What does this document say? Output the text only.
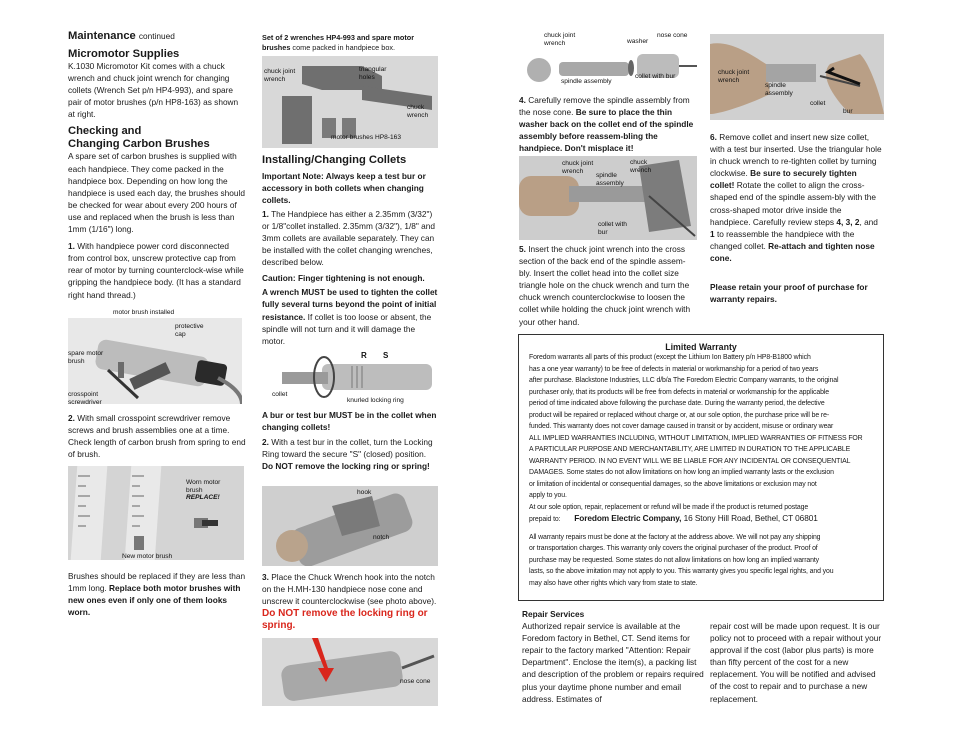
Maintenance continued

Micromotor Supplies

K.1030 Micromotor Kit comes with a chuck wrench and chuck joint wrench for changing collets (Wrench Set p/n HP4-993), and spare pair of motor brushes (p/n HP8-163) as shown at right.

Checking and
Changing Carbon Brushes

A spare set of carbon brushes is supplied with each handpiece. They come packed in the handpiece box. Depending on how long the handpiece is used each day, the brushes should be checked for wear about every 200 hours of use and replaced when the brush is less than 1mm (1/16") long.

1. With handpiece power cord disconnected from control box, unscrew protective cap from rear of motor by turning counterclock-wise while gripping the handpiece body. (It has a standard right hand thread.)

motor brush installed
protective cap
spare motor brush
crosspoint screwdriver

2. With small crosspoint screwdriver remove screws and brush assemblies one at a time. Check length of carbon brush from spring to end of brush.

Worn motor brush
REPLACE!
New motor brush

Brushes should be replaced if they are less than 1mm long. Replace both motor brushes with new ones even if only one of them looks worn.

Set of 2 wrenches HP4-993 and spare motor brushes come packed in handpiece box.

chuck joint wrench
triangular holes
chuck wrench
motor brushes HP8-163

Installing/Changing Collets

Important Note: Always keep a test bur or accessory in both collets when changing collets.

1. The Handpiece has either a 2.35mm (3/32") or 1/8"collet installed. 2.35mm (3/32"), 1/8" and 3mm collets are available separately. They can be installed with the collet changing wrenches, described below.

Caution: Finger tightening is not enough.

A wrench MUST be used to tighten the collet fully several turns beyond the point of initial resistance. If collet is too loose or absent, the spindle will not turn and it will damage the motor.

R S
collet
knurled locking ring

A bur or test bur MUST be in the collet when changing collets!

2. With a test bur in the collet, turn the Locking Ring toward the secure "S" (closed) position. Do NOT remove the locking ring or spring!

hook
notch

3. Place the Chuck Wrench hook into the notch on the H.MH-130 handpiece nose cone and unscrew it counterclockwise (see photo above). Do NOT remove the locking ring or spring.

nose cone
chuck joint wrench	washer
nose cone
spindle assembly
collet with bur

4. Carefully remove the spindle assembly from the nose cone. Be sure to place the thin washer back on the collet end of the spindle assembly before reassem-bling the handpiece. Don't misplace it!

chuck joint wrench
spindle assembly
chuck wrench
collet with bur

5. Insert the chuck joint wrench into the cross section of the back end of the spindle assem-bly. Insert the collet head into the collet size triangle hole on the chuck wrench and turn the chuck wrench counterclockwise to loosen the collet while holding the chuck joint wrench with your other hand.

chuck joint wrench
spindle assembly
collet
bur

6. Remove collet and insert new size collet, with a test bur inserted. Use the triangular hole in chuck wrench to re-tighten collet by turning clockwise. Be sure to securely tighten collet! Rotate the collet to align the cross-shaped end of the spindle assem-bly with the cross-shaped motor drive inside the handpiece. Carefully review steps 4, 3, 2, and 1 to reassemble the handpiece with the changed collet. Re-attach and tighten nose cone.

Please retain your proof of purchase for warranty repairs.

Limited Warranty

Foredom warrants all parts of this product (except the Lithium Ion Battery p/n HP8-B1800 which

has a one year warranty) to be free of defects in material or workmanship for a period of two years

after purchase. Blackstone Industries, LLC d/b/a The Foredom Electric Company warrants, to the original

purchaser only, that its products will be free from defects in material or workmanship for the applicable

period of time indicated above following the purchase date. During the warranty period, the defective

product will be repaired or replaced without charge or, at our sole option, the purchase price will be re-

funded. This warranty does not cover damage caused in transit or by accident, misuse or ordinary wear

ALL IMPLIED WARRANTIES INCLUDING, WITHOUT LIMITATION, IMPLIED WARRANTIES OF FITNESS FOR

A PARTICULAR PURPOSE AND MERCHANTABILITY, ARE LIMITED IN DURATION TO THE APPLICABLE

WARRANTY PERIOD. IN NO EVENT WILL WE BE LIABLE FOR ANY INCIDENTAL OR CONSEQUENTIAL

DAMAGES. Some states do not allow limitations on how long an implied warranty lasts or the exclusion

or limitation of incidental or consequential damages, so the above limitations or exclusion may not

apply to you.

At our sole option, repair, replacement or refund will be made if the product is returned postage

prepaid to: Foredom Electric Company, 16 Stony Hill Road, Bethel, CT 06801

All warranty repairs must be done at the factory at the address above. We will not pay any shipping

or transportation charges. This warranty only covers the original purchaser of the product. Proof of

purchase may be requested. Some states do not allow limitations on how long an implied warranty

lasts, so the above imitation may not apply to you. This warranty gives you specific legal rights, and you

may also have other rights which vary from state to state.

Repair Services

Authorized repair service is available at the Foredom factory in Bethel, CT. Send items for repair to the factory marked "Attention: Repair Department". Enclose the item(s), a packing list and description of the problem or repairs required plus your daytime phone number and email address. Estimates of

repair cost will be made upon request. It is our policy not to proceed with a repair without your approval if the cost (labor plus parts) is more than fifty percent of the cost for a new replacement. You will be notified and advised of the cost to repair and to purchase a new replacement.
